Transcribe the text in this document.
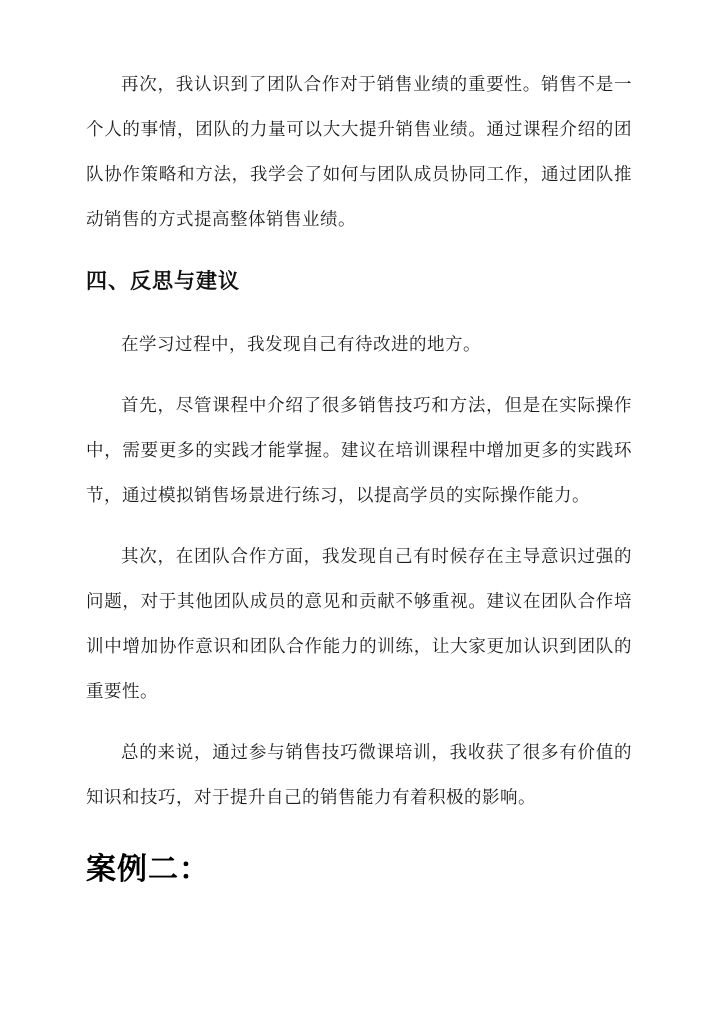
再次，我认识到了团队合作对于销售业绩的重要性。销售不是一个人的事情，团队的力量可以大大提升销售业绩。通过课程介绍的团队协作策略和方法，我学会了如何与团队成员协同工作，通过团队推动销售的方式提高整体销售业绩。

四、反思与建议

在学习过程中，我发现自己有待改进的地方。

首先，尽管课程中介绍了很多销售技巧和方法，但是在实际操作中，需要更多的实践才能掌握。建议在培训课程中增加更多的实践环节，通过模拟销售场景进行练习，以提高学员的实际操作能力。

其次，在团队合作方面，我发现自己有时候存在主导意识过强的问题，对于其他团队成员的意见和贡献不够重视。建议在团队合作培训中增加协作意识和团队合作能力的训练，让大家更加认识到团队的重要性。

总的来说，通过参与销售技巧微课培训，我收获了很多有价值的知识和技巧，对于提升自己的销售能力有着积极的影响。

案例二：
